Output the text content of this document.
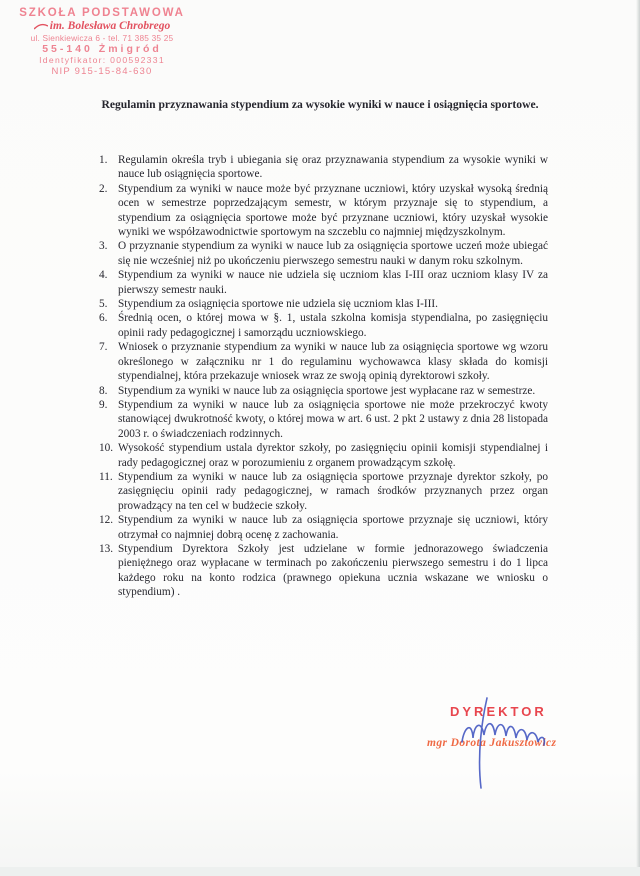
SZKOŁA PODSTAWOWA
im. Bolesława Chrobrego
ul. Sienkiewicza 6 - tel. 71 385 35 25
55-140 Żmigród
Identyfikator: 000592331
NIP 915-15-84-630
Regulamin przyznawania stypendium za wysokie wyniki w nauce i osiągnięcia sportowe.
1. Regulamin określa tryb i ubiegania się oraz przyznawania stypendium za wysokie wyniki w nauce lub osiągnięcia sportowe.
2. Stypendium za wyniki w nauce może być przyznane uczniowi, który uzyskał wysoką średnią ocen w semestrze poprzedzającym semestr, w którym przyznaje się to stypendium, a stypendium za osiągnięcia sportowe może być przyznane uczniowi, który uzyskał wysokie wyniki we współzawodnictwie sportowym na szczeblu co najmniej międzyszkolnym.
3. O przyznanie stypendium za wyniki w nauce lub za osiągnięcia sportowe uczeń może ubiegać się nie wcześniej niż po ukończeniu pierwszego semestru nauki w danym roku szkolnym.
4. Stypendium za wyniki w nauce nie udziela się uczniom klas I-III oraz uczniom klasy IV za pierwszy semestr nauki.
5. Stypendium za osiągnięcia sportowe nie udziela się uczniom klas I-III.
6. Średnią ocen, o której mowa w §. 1, ustala szkolna komisja stypendialna, po zasięgnięciu opinii rady pedagogicznej i samorządu uczniowskiego.
7. Wniosek o przyznanie stypendium za wyniki w nauce lub za osiągnięcia sportowe wg wzoru określonego w załączniku nr 1 do regulaminu wychowawca klasy składa do komisji stypendialnej, która przekazuje wniosek wraz ze swoją opinią dyrektorowi szkoły.
8. Stypendium za wyniki w nauce lub za osiągnięcia sportowe jest wypłacane raz w semestrze.
9. Stypendium za wyniki w nauce lub za osiągnięcia sportowe nie może przekroczyć kwoty stanowiącej dwukrotność kwoty, o której mowa w art. 6 ust. 2 pkt 2 ustawy z dnia 28 listopada 2003 r. o świadczeniach rodzinnych.
10. Wysokość stypendium ustala dyrektor szkoły, po zasięgnięciu opinii komisji stypendialnej i rady pedagogicznej oraz w porozumieniu z organem prowadzącym szkołę.
11. Stypendium za wyniki w nauce lub za osiągnięcia sportowe przyznaje dyrektor szkoły, po zasięgnięciu opinii rady pedagogicznej, w ramach środków przyznanych przez organ prowadzący na ten cel w budżecie szkoły.
12. Stypendium za wyniki w nauce lub za osiągnięcia sportowe przyznaje się uczniowi, który otrzymał co najmniej dobrą ocenę z zachowania.
13. Stypendium Dyrektora Szkoły jest udzielane w formie jednorazowego świadczenia pieniężnego oraz wypłacane w terminach po zakończeniu pierwszego semestru i do 1 lipca każdego roku na konto rodzica (prawnego opiekuna ucznia wskazane we wniosku o stypendium) .
DYREKTOR
mgr Dorota Jakusztowicz
